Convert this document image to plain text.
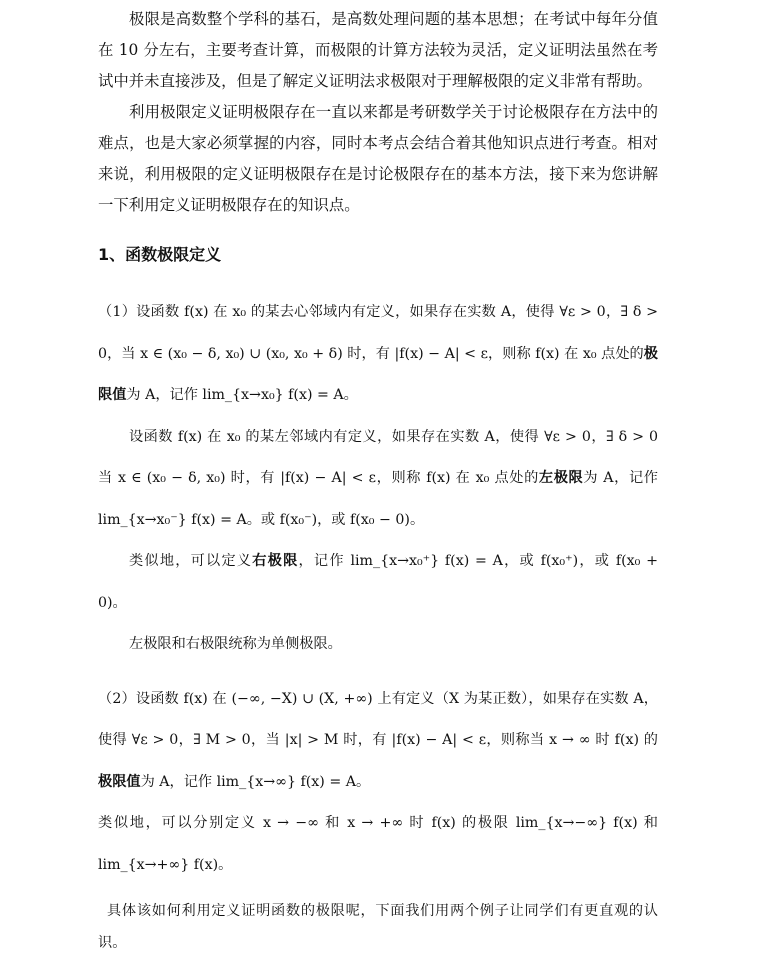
极限是高数整个学科的基石，是高数处理问题的基本思想；在考试中每年分值在 10 分左右，主要考查计算，而极限的计算方法较为灵活，定义证明法虽然在考试中并未直接涉及，但是了解定义证明法求极限对于理解极限的定义非常有帮助。

利用极限定义证明极限存在一直以来都是考研数学关于讨论极限存在方法中的难点，也是大家必须掌握的内容，同时本考点会结合着其他知识点进行考查。相对来说，利用极限的定义证明极限存在是讨论极限存在的基本方法，接下来为您讲解一下利用定义证明极限存在的知识点。

1、函数极限定义

（1）设函数 f(x) 在 x₀ 的某去心邻域内有定义，如果存在实数 A，使得 ∀ε > 0，∃ δ > 0，当 x ∈ (x₀ − δ, x₀) ∪ (x₀, x₀ + δ) 时，有 |f(x) − A| < ε，则称 f(x) 在 x₀ 点处的极限值为 A，记作 lim_{x→x₀} f(x) = A。

设函数 f(x) 在 x₀ 的某左邻域内有定义，如果存在实数 A，使得 ∀ε > 0，∃ δ > 0 当 x ∈ (x₀ − δ, x₀) 时，有 |f(x) − A| < ε，则称 f(x) 在 x₀ 点处的左极限为 A，记作 lim_{x→x₀⁻} f(x) = A。或 f(x₀⁻)，或 f(x₀ − 0)。

类似地，可以定义右极限，记作 lim_{x→x₀⁺} f(x) = A，或 f(x₀⁺)，或 f(x₀ + 0)。

左极限和右极限统称为单侧极限。

（2）设函数 f(x) 在 (−∞, −X) ∪ (X, +∞) 上有定义（X 为某正数），如果存在实数 A，使得 ∀ε > 0，∃ M > 0，当 |x| > M 时，有 |f(x) − A| < ε，则称当 x → ∞ 时 f(x) 的极限值为 A，记作 lim_{x→∞} f(x) = A。

类似地，可以分别定义 x → −∞ 和 x → +∞ 时 f(x) 的极限 lim_{x→−∞} f(x) 和 lim_{x→+∞} f(x)。

具体该如何利用定义证明函数的极限呢，下面我们用两个例子让同学们有更直观的认识。
